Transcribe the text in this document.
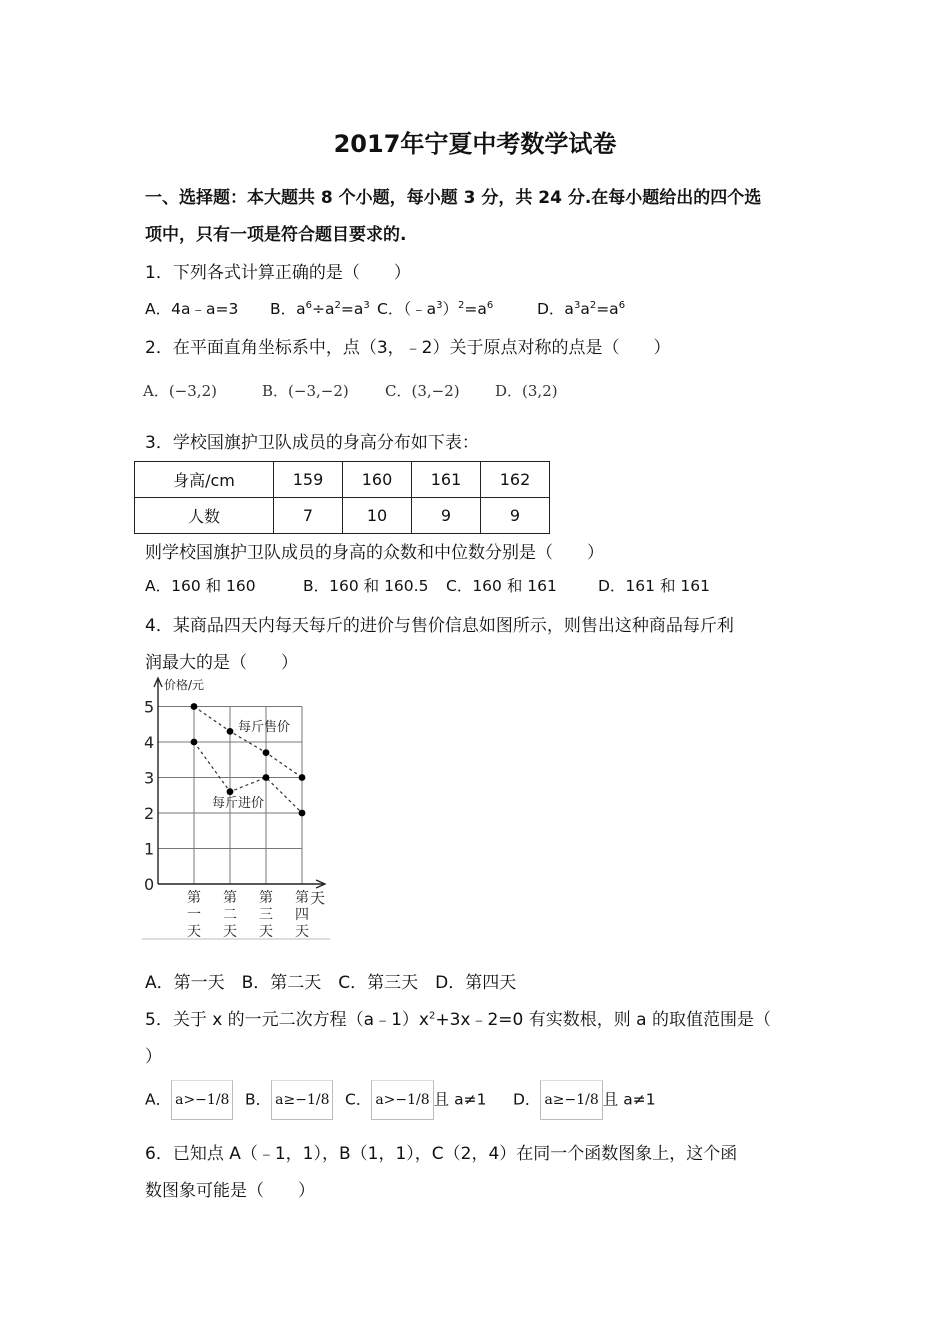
2017年宁夏中考数学试卷
一、选择题：本大题共 8 个小题，每小题 3 分，共 24 分.在每小题给出的四个选
项中，只有一项是符合题目要求的.
1．下列各式计算正确的是（　　）
A．4a﹣a=3 B．$a^6\div a^2=a^3$ C．$(﹣a^3)^2=a^6$	D．$a^3a^2=a^6$
2．在平面直角坐标系中，点（3，﹣2）关于原点对称的点是（　　）
A．(−3,2)	B．(−3,−2) C．(3,−2) D．(3,2)
3．学校国旗护卫队成员的身高分布如下表：
身高/cm	159	160	161	162
人数	7	10	9	9
则学校国旗护卫队成员的身高的众数和中位数分别是（　　）
A．160 和 160	B．160 和 160.5 C．160 和 161	D．161 和 161
4．某商品四天内每天每斤的进价与售价信息如图所示，则售出这种商品每斤利
润最大的是（　　）
0
1
2
3
4
5
价格/元
天
第
一
天
第
二
天
第
三
天
第
四
天
每斤售价
每斤进价
A．第一天　B．第二天　C．第三天　D．第四天
5．关于 x 的一元二次方程$(a﹣1)x^2+3x﹣2=0$ 有实数根，则 a 的取值范围是（
）
A． a>−1/8 B． a≥−1/8 C． a>−1/8 且 a≠1 D． a≥−1/8 且 a≠1
6．已知点 A（﹣1，1），B（1，1），C（2，4）在同一个函数图象上，这个函
数图象可能是（　　）
